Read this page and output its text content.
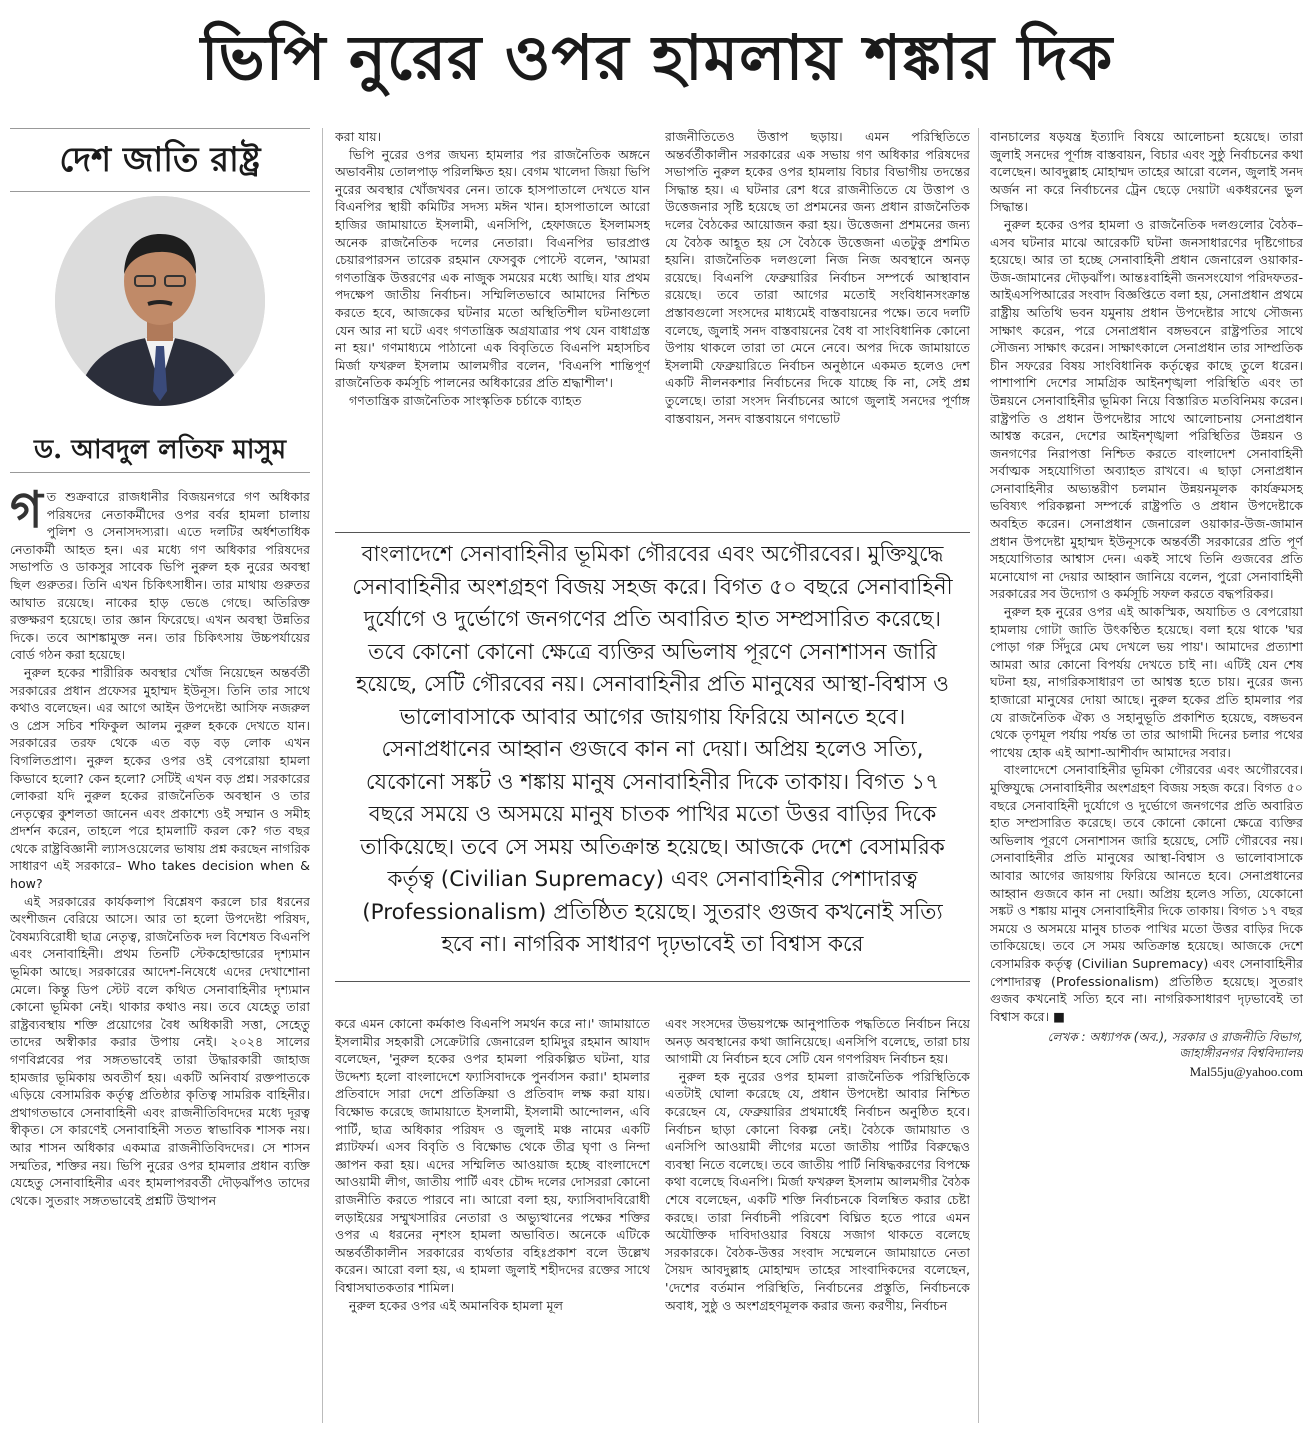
ভিপি নুরের ওপর হামলায় শঙ্কার দিক
দেশ জাতি রাষ্ট্র
ড. আবদুল লতিফ মাসুম

গত শুক্রবারে রাজধানীর বিজয়নগরে গণ অধিকার পরিষদের নেতাকর্মীদের ওপর বর্বর হামলা চালায় পুলিশ ও সেনাসদস্যরা। এতে দলটির অর্ধশতাধিক নেতাকর্মী আহত হন। এর মধ্যে গণ অধিকার পরিষদের সভাপতি ও ডাকসুর সাবেক ভিপি নুরুল হক নুরের অবস্থা ছিল গুরুতর। তিনি এখন চিকিৎসাধীন। তার মাথায় গুরুতর আঘাত রয়েছে। নাকের হাড় ভেঙে গেছে। অতিরিক্ত রক্তক্ষরণ হয়েছে। তার জ্ঞান ফিরেছে। এখন অবস্থা উন্নতির দিকে। তবে আশঙ্কামুক্ত নন। তার চিকিৎসায় উচ্চপর্যায়ের বোর্ড গঠন করা হয়েছে।

নুরুল হকের শারীরিক অবস্থার খোঁজ নিয়েছেন অন্তর্বর্তী সরকারের প্রধান প্রফেসর মুহাম্মদ ইউনূস। তিনি তার সাথে কথাও বলেছেন। এর আগে আইন উপদেষ্টা আসিফ নজরুল ও প্রেস সচিব শফিকুল আলম নুরুল হককে দেখতে যান। সরকারের তরফ থেকে এত বড় বড় লোক এখন বিগলিতপ্রাণ। নুরুল হকের ওপর ওই বেপরোয়া হামলা কিভাবে হলো? কেন হলো? সেটিই এখন বড় প্রশ্ন। সরকারের লোকরা যদি নুরুল হকের রাজনৈতিক অবস্থান ও তার নেতৃত্বের কুশলতা জানেন এবং প্রকাশ্যে ওই সম্মান ও সমীহ প্রদর্শন করেন, তাহলে পরে হামলাটি করল কে? গত বছর থেকে রাষ্ট্রবিজ্ঞানী ল্যাসওয়েলের ভাষায় প্রশ্ন করছেন নাগরিক সাধারণ এই সরকারে– Who takes decision when & how?

এই সরকারের কার্যকলাপ বিশ্লেষণ করলে চার ধরনের অংশীজন বেরিয়ে আসে। আর তা হলো উপদেষ্টা পরিষদ, বৈষম্যবিরোধী ছাত্র নেতৃত্ব, রাজনৈতিক দল বিশেষত বিএনপি এবং সেনাবাহিনী। প্রথম তিনটি স্টেকহোল্ডারের দৃশ্যমান ভূমিকা আছে। সরকারের আদেশ-নিষেধে এদের দেখাশোনা মেলে। কিন্তু ডিপ স্টেট বলে কথিত সেনাবাহিনীর দৃশ্যমান কোনো ভূমিকা নেই। থাকার কথাও নয়। তবে যেহেতু তারা রাষ্ট্রব্যবস্থায় শক্তি প্রয়োগের বৈধ অধিকারী সত্তা, সেহেতু তাদের অস্বীকার করার উপায় নেই। ২০২৪ সালের গণবিপ্লবের পর সঙ্গতভাবেই তারা উদ্ধারকারী জাহাজ হামজার ভূমিকায় অবতীর্ণ হয়। একটি অনিবার্য রক্তপাতকে এড়িয়ে বেসামরিক কর্তৃত্ব প্রতিষ্ঠার কৃতিত্ব সামরিক বাহিনীর। প্রথাগতভাবে সেনাবাহিনী এবং রাজনীতিবিদদের মধ্যে দূরত্ব স্বীকৃত। সে কারণেই সেনাবাহিনী সতত স্বাভাবিক শাসক নয়। আর শাসন অধিকার একমাত্র রাজনীতিবিদদের। সে শাসন সম্মতির, শক্তির নয়। ভিপি নুরের ওপর হামলার প্রধান ব্যক্তি যেহেতু সেনাবাহিনীর এবং হামলাপরবর্তী দৌড়ঝাঁপও তাদের থেকে। সুতরাং সঙ্গতভাবেই প্রশ্নটি উত্থাপন

করা যায়।

ভিপি নুরের ওপর জঘন্য হামলার পর রাজনৈতিক অঙ্গনে অভাবনীয় তোলপাড় পরিলক্ষিত হয়। বেগম খালেদা জিয়া ভিপি নুরের অবস্থার খোঁজখবর নেন। তাকে হাসপাতালে দেখতে যান বিএনপির স্থায়ী কমিটির সদস্য মঈন খান। হাসপাতালে আরো হাজির জামায়াতে ইসলামী, এনসিপি, হেফাজতে ইসলামসহ অনেক রাজনৈতিক দলের নেতারা। বিএনপির ভারপ্রাপ্ত চেয়ারপারসন তারেক রহমান ফেসবুক পোস্টে বলেন, 'আমরা গণতান্ত্রিক উত্তরণের এক নাজুক সময়ের মধ্যে আছি। যার প্রথম পদক্ষেপ জাতীয় নির্বাচন। সম্মিলিতভাবে আমাদের নিশ্চিত করতে হবে, আজকের ঘটনার মতো অস্থিতিশীল ঘটনাগুলো যেন আর না ঘটে এবং গণতান্ত্রিক অগ্রযাত্রার পথ যেন বাধাগ্রস্ত না হয়।' গণমাধ্যমে পাঠানো এক বিবৃতিতে বিএনপি মহাসচিব মির্জা ফখরুল ইসলাম আলমগীর বলেন, 'বিএনপি শান্তিপূর্ণ রাজনৈতিক কর্মসূচি পালনের অধিকারের প্রতি শ্রদ্ধাশীল'।

গণতান্ত্রিক রাজনৈতিক সাংস্কৃতিক চর্চাকে ব্যাহত

রাজনীতিতেও উত্তাপ ছড়ায়। এমন পরিস্থিতিতে অন্তর্বর্তীকালীন সরকারের এক সভায় গণ অধিকার পরিষদের সভাপতি নুরুল হকের ওপর হামলায় বিচার বিভাগীয় তদন্তের সিদ্ধান্ত হয়। এ ঘটনার রেশ ধরে রাজনীতিতে যে উত্তাপ ও উত্তেজনার সৃষ্টি হয়েছে তা প্রশমনের জন্য প্রধান রাজনৈতিক দলের বৈঠকের আয়োজন করা হয়। উত্তেজনা প্রশমনের জন্য যে বৈঠক আহূত হয় সে বৈঠকে উত্তেজনা এতটুকু প্রশমিত হয়নি। রাজনৈতিক দলগুলো নিজ নিজ অবস্থানে অনড় রয়েছে। বিএনপি ফেব্রুয়ারির নির্বাচন সম্পর্কে আস্থাবান রয়েছে। তবে তারা আগের মতোই সংবিধানসংক্রান্ত প্রস্তাবগুলো সংসদের মাধ্যমেই বাস্তবায়নের পক্ষে। তবে দলটি বলেছে, জুলাই সনদ বাস্তবায়নের বৈধ বা সাংবিধানিক কোনো উপায় থাকলে তারা তা মেনে নেবে। অপর দিকে জামায়াতে ইসলামী ফেব্রুয়ারিতে নির্বাচন অনুষ্ঠানে একমত হলেও দেশ একটি নীলনকশার নির্বাচনের দিকে যাচ্ছে কি না, সেই প্রশ্ন তুলেছে। তারা সংসদ নির্বাচনের আগে জুলাই সনদের পূর্ণাঙ্গ বাস্তবায়ন, সনদ বাস্তবায়নে গণভোট

বাংলাদেশে সেনাবাহিনীর ভূমিকা গৌরবের এবং অগৌরবের। মুক্তিযুদ্ধে সেনাবাহিনীর অংশগ্রহণ বিজয় সহজ করে। বিগত ৫০ বছরে সেনাবাহিনী দুর্যোগে ও দুর্ভোগে জনগণের প্রতি অবারিত হাত সম্প্রসারিত করেছে। তবে কোনো কোনো ক্ষেত্রে ব্যক্তির অভিলাষ পূরণে সেনাশাসন জারি হয়েছে, সেটি গৌরবের নয়। সেনাবাহিনীর প্রতি মানুষের আস্থা-বিশ্বাস ও ভালোবাসাকে আবার আগের জায়গায় ফিরিয়ে আনতে হবে। সেনাপ্রধানের আহ্বান গুজবে কান না দেয়া। অপ্রিয় হলেও সত্যি, যেকোনো সঙ্কট ও শঙ্কায় মানুষ সেনাবাহিনীর দিকে তাকায়। বিগত ১৭ বছরে সময়ে ও অসময়ে মানুষ চাতক পাখির মতো উত্তর বাড়ির দিকে তাকিয়েছে। তবে সে সময় অতিক্রান্ত হয়েছে। আজকে দেশে বেসামরিক কর্তৃত্ব (Civilian Supremacy) এবং সেনাবাহিনীর পেশাদারত্ব (Professionalism) প্রতিষ্ঠিত হয়েছে। সুতরাং গুজব কখনোই সত্যি হবে না। নাগরিক সাধারণ দৃঢ়ভাবেই তা বিশ্বাস করে

করে এমন কোনো কর্মকাণ্ড বিএনপি সমর্থন করে না।' জামায়াতে ইসলামীর সহকারী সেক্রেটারি জেনারেল হামিদুর রহমান আযাদ বলেছেন, 'নুরুল হকের ওপর হামলা পরিকল্পিত ঘটনা, যার উদ্দেশ্য হলো বাংলাদেশে ফ্যাসিবাদকে পুনর্বাসন করা।' হামলার প্রতিবাদে সারা দেশে প্রতিক্রিয়া ও প্রতিবাদ লক্ষ করা যায়। বিক্ষোভ করেছে জামায়াতে ইসলামী, ইসলামী আন্দোলন, এবি পার্টি, ছাত্র অধিকার পরিষদ ও জুলাই মঞ্চ নামের একটি প্ল্যাটফর্ম। এসব বিবৃতি ও বিক্ষোভ থেকে তীব্র ঘৃণা ও নিন্দা জ্ঞাপন করা হয়। এদের সম্মিলিত আওয়াজ হচ্ছে বাংলাদেশে আওয়ামী লীগ, জাতীয় পার্টি এবং চৌদ্দ দলের দোসররা কোনো রাজনীতি করতে পারবে না। আরো বলা হয়, ফ্যাসিবাদবিরোধী লড়াইয়ের সম্মুখসারির নেতারা ও অভ্যুত্থানের পক্ষের শক্তির ওপর এ ধরনের নৃশংস হামলা অভাবিত। অনেকে এটিকে অন্তর্বর্তীকালীন সরকারের ব্যর্থতার বহিঃপ্রকাশ বলে উল্লেখ করেন। আরো বলা হয়, এ হামলা জুলাই শহীদদের রক্তের সাথে বিশ্বাসঘাতকতার শামিল।

নুরুল হকের ওপর এই অমানবিক হামলা মূল

এবং সংসদের উভয়পক্ষে আনুপাতিক পদ্ধতিতে নির্বাচন নিয়ে অনড় অবস্থানের কথা জানিয়েছে। এনসিপি বলেছে, তারা চায় আগামী যে নির্বাচন হবে সেটি যেন গণপরিষদ নির্বাচন হয়।

নুরুল হক নুরের ওপর হামলা রাজনৈতিক পরিস্থিতিকে এতটাই ঘোলা করেছে যে, প্রধান উপদেষ্টা আবার নিশ্চিত করেছেন যে, ফেব্রুয়ারির প্রথমার্ধেই নির্বাচন অনুষ্ঠিত হবে। নির্বাচন ছাড়া কোনো বিকল্প নেই। বৈঠকে জামায়াত ও এনসিপি আওয়ামী লীগের মতো জাতীয় পার্টির বিরুদ্ধেও ব্যবস্থা নিতে বলেছে। তবে জাতীয় পার্টি নিষিদ্ধকরণের বিপক্ষে কথা বলেছে বিএনপি। মির্জা ফখরুল ইসলাম আলমগীর বৈঠক শেষে বলেছেন, একটি শক্তি নির্বাচনকে বিলম্বিত করার চেষ্টা করছে। তারা নির্বাচনী পরিবেশ বিঘ্নিত হতে পারে এমন অযৌক্তিক দাবিদাওয়ার বিষয়ে সজাগ থাকতে বলেছে সরকারকে। বৈঠক-উত্তর সংবাদ সম্মেলনে জামায়াতে নেতা সৈয়দ আবদুল্লাহ মোহাম্মদ তাহের সাংবাদিকদের বলেছেন, 'দেশের বর্তমান পরিস্থিতি, নির্বাচনের প্রস্তুতি, নির্বাচনকে অবাধ, সুষ্ঠু ও অংশগ্রহণমূলক করার জন্য করণীয়, নির্বাচন

বানচালের ষড়যন্ত্র ইত্যাদি বিষয়ে আলোচনা হয়েছে। তারা জুলাই সনদের পূর্ণাঙ্গ বাস্তবায়ন, বিচার এবং সুষ্ঠু নির্বাচনের কথা বলেছেন। আবদুল্লাহ মোহাম্মদ তাহের আরো বলেন, জুলাই সনদ অর্জন না করে নির্বাচনের ট্রেন ছেড়ে দেয়াটা একধরনের ভুল সিদ্ধান্ত।

নুরুল হকের ওপর হামলা ও রাজনৈতিক দলগুলোর বৈঠক– এসব ঘটনার মাঝে আরেকটি ঘটনা জনসাধারণের দৃষ্টিগোচর হয়েছে। আর তা হচ্ছে সেনাবাহিনী প্রধান জেনারেল ওয়াকার-উজ-জামানের দৌড়ঝাঁপ। আন্তঃবাহিনী জনসংযোগ পরিদফতর-আইএসপিআরের সংবাদ বিজ্ঞপ্তিতে বলা হয়, সেনাপ্রধান প্রথমে রাষ্ট্রীয় অতিথি ভবন যমুনায় প্রধান উপদেষ্টার সাথে সৌজন্য সাক্ষাৎ করেন, পরে সেনাপ্রধান বঙ্গভবনে রাষ্ট্রপতির সাথে সৌজন্য সাক্ষাৎ করেন। সাক্ষাৎকালে সেনাপ্রধান তার সাম্প্রতিক চীন সফরের বিষয় সাংবিধানিক কর্তৃত্বের কাছে তুলে ধরেন। পাশাপাশি দেশের সামগ্রিক আইনশৃঙ্খলা পরিস্থিতি এবং তা উন্নয়নে সেনাবাহিনীর ভূমিকা নিয়ে বিস্তারিত মতবিনিময় করেন। রাষ্ট্রপতি ও প্রধান উপদেষ্টার সাথে আলোচনায় সেনাপ্রধান আশ্বস্ত করেন, দেশের আইনশৃঙ্খলা পরিস্থিতির উন্নয়ন ও জনগণের নিরাপত্তা নিশ্চিত করতে বাংলাদেশ সেনাবাহিনী সর্বাত্মক সহযোগিতা অব্যাহত রাখবে। এ ছাড়া সেনাপ্রধান সেনাবাহিনীর অভ্যন্তরীণ চলমান উন্নয়নমূলক কার্যক্রমসহ ভবিষ্যৎ পরিকল্পনা সম্পর্কে রাষ্ট্রপতি ও প্রধান উপদেষ্টাকে অবহিত করেন। সেনাপ্রধান জেনারেল ওয়াকার-উজ-জামান প্রধান উপদেষ্টা মুহাম্মদ ইউনূসকে অন্তর্বর্তী সরকারের প্রতি পূর্ণ সহযোগিতার আশ্বাস দেন। একই সাথে তিনি গুজবের প্রতি মনোযোগ না দেয়ার আহ্বান জানিয়ে বলেন, পুরো সেনাবাহিনী সরকারের সব উদ্যোগ ও কর্মসূচি সফল করতে বদ্ধপরিকর।

নুরুল হক নুরের ওপর এই আকস্মিক, অযাচিত ও বেপরোয়া হামলায় গোটা জাতি উৎকণ্ঠিত হয়েছে। বলা হয়ে থাকে 'ঘর পোড়া গরু সিঁদুরে মেঘ দেখলে ভয় পায়'। আমাদের প্রত্যাশা আমরা আর কোনো বিপর্যয় দেখতে চাই না। এটিই যেন শেষ ঘটনা হয়, নাগরিকসাধারণ তা আশ্বস্ত হতে চায়। নুরের জন্য হাজারো মানুষের দোয়া আছে। নুরুল হকের প্রতি হামলার পর যে রাজনৈতিক ঐক্য ও সহানুভূতি প্রকাশিত হয়েছে, বঙ্গভবন থেকে তৃণমূল পর্যায় পর্যন্ত তা তার আগামী দিনের চলার পথের পাথেয় হোক এই আশা-আশীর্বাদ আমাদের সবার।

বাংলাদেশে সেনাবাহিনীর ভূমিকা গৌরবের এবং অগৌরবের। মুক্তিযুদ্ধে সেনাবাহিনীর অংশগ্রহণ বিজয় সহজ করে। বিগত ৫০ বছরে সেনাবাহিনী দুর্যোগে ও দুর্ভোগে জনগণের প্রতি অবারিত হাত সম্প্রসারিত করেছে। তবে কোনো কোনো ক্ষেত্রে ব্যক্তির অভিলাষ পূরণে সেনাশাসন জারি হয়েছে, সেটি গৌরবের নয়। সেনাবাহিনীর প্রতি মানুষের আস্থা-বিশ্বাস ও ভালোবাসাকে আবার আগের জায়গায় ফিরিয়ে আনতে হবে। সেনাপ্রধানের আহ্বান গুজবে কান না দেয়া। অপ্রিয় হলেও সত্যি, যেকোনো সঙ্কট ও শঙ্কায় মানুষ সেনাবাহিনীর দিকে তাকায়। বিগত ১৭ বছর সময়ে ও অসময়ে মানুষ চাতক পাখির মতো উত্তর বাড়ির দিকে তাকিয়েছে। তবে সে সময় অতিক্রান্ত হয়েছে। আজকে দেশে বেসামরিক কর্তৃত্ব (Civilian Supremacy) এবং সেনাবাহিনীর পেশাদারত্ব (Professionalism) প্রতিষ্ঠিত হয়েছে। সুতরাং গুজব কখনোই সত্যি হবে না। নাগরিকসাধারণ দৃঢ়ভাবেই তা বিশ্বাস করে। ■

লেখক : অধ্যাপক (অব.), সরকার ও রাজনীতি বিভাগ,
জাহাঙ্গীরনগর বিশ্ববিদ্যালয়
Mal55ju@yahoo.com
